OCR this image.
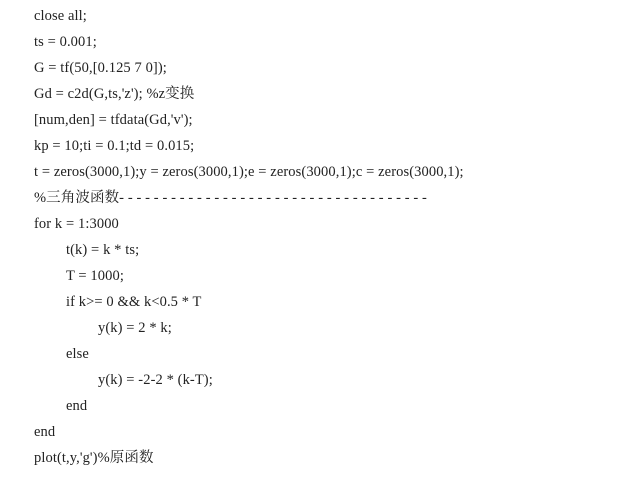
close all;
ts = 0.001;
G = tf(50,[0.125 7 0]);
Gd = c2d(G,ts,'z'); %z变换
[num,den] = tfdata(Gd,'v');
kp = 10;ti = 0.1;td = 0.015;
t = zeros(3000,1);y = zeros(3000,1);e = zeros(3000,1);c = zeros(3000,1);
%三角波函数- - - - - - - - - - - - - - - - - - - - - - - - - - - - - - - - - - - -
for k = 1:3000
t(k) = k * ts;
T = 1000;
if k>= 0 && k<0.5 * T
y(k) = 2 * k;
else
y(k) = -2-2 * (k-T);
end
end
plot(t,y,'g')%原函数
